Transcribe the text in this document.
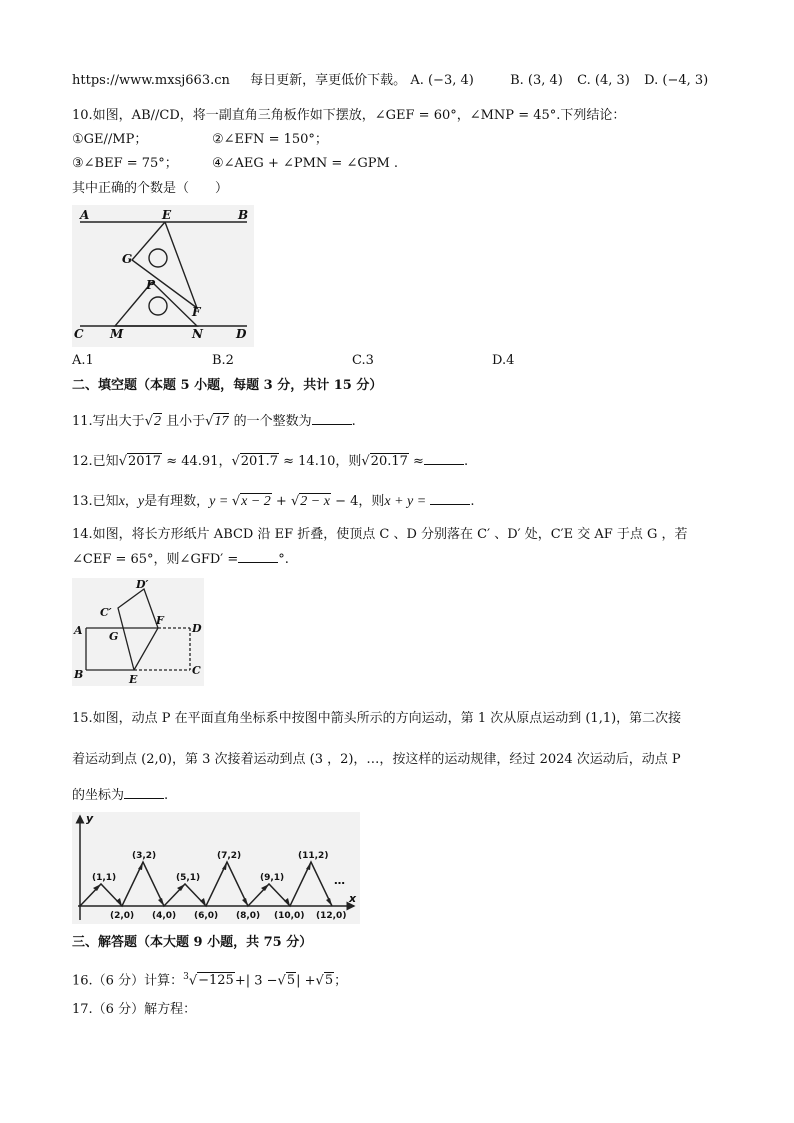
https://www.mxsj663.cn 每日更新，享更低价下载。 A. (−3, 4)	B. (3, 4) C. (4, 3) D. (−4, 3)
10.如图，AB//CD，将一副直角三角板作如下摆放，∠GEF = 60°，∠MNP = 45°.下列结论：
①GE//MP；	②∠EFN = 150°；
③∠BEF = 75°；	④∠AEG + ∠PMN = ∠GPM .
其中正确的个数是（　　）
A	E	B
G
P
F
C M	N	D
A.1	B.2	C.3	D.4
二、填空题（本题 5 小题，每题 3 分，共计 15 分）
11.写出大于√2 且小于√17 的一个整数为	.
12.已知√2017 ≈ 44.91，√201.7 ≈ 14.10，则√20.17 ≈	.
13.已知x，y是有理数，y = √x − 2 + √2 − x − 4，则x + y =	.
14.如图，将长方形纸片 ABCD 沿 EF 折叠，使顶点 C 、D 分别落在 C′ 、D′ 处，C′E 交 AF 于点 G ，若
∠CEF = 65°，则∠GFD′ =	°.
D′
C′
F
A G
D
B	E
C
15.如图，动点 P 在平面直角坐标系中按图中箭头所示的方向运动，第 1 次从原点运动到 (1,1)，第二次接
着运动到点 (2,0)，第 3 次接着运动到点 (3 ，2)，…，按这样的运动规律，经过 2024 次运动后，动点 P
的坐标为	.
y
x
…
(1,1)
(3,2)
(5,1)
(7,2)
(9,1)
(11,2)
(2,0) (4,0) (6,0) (8,0) (10,0) (12,0)
三、解答题（本大题 9 小题，共 75 分）
16.（6 分）计算：$^3$√−125+| 3 −√5| +√5；
17.（6 分）解方程：
